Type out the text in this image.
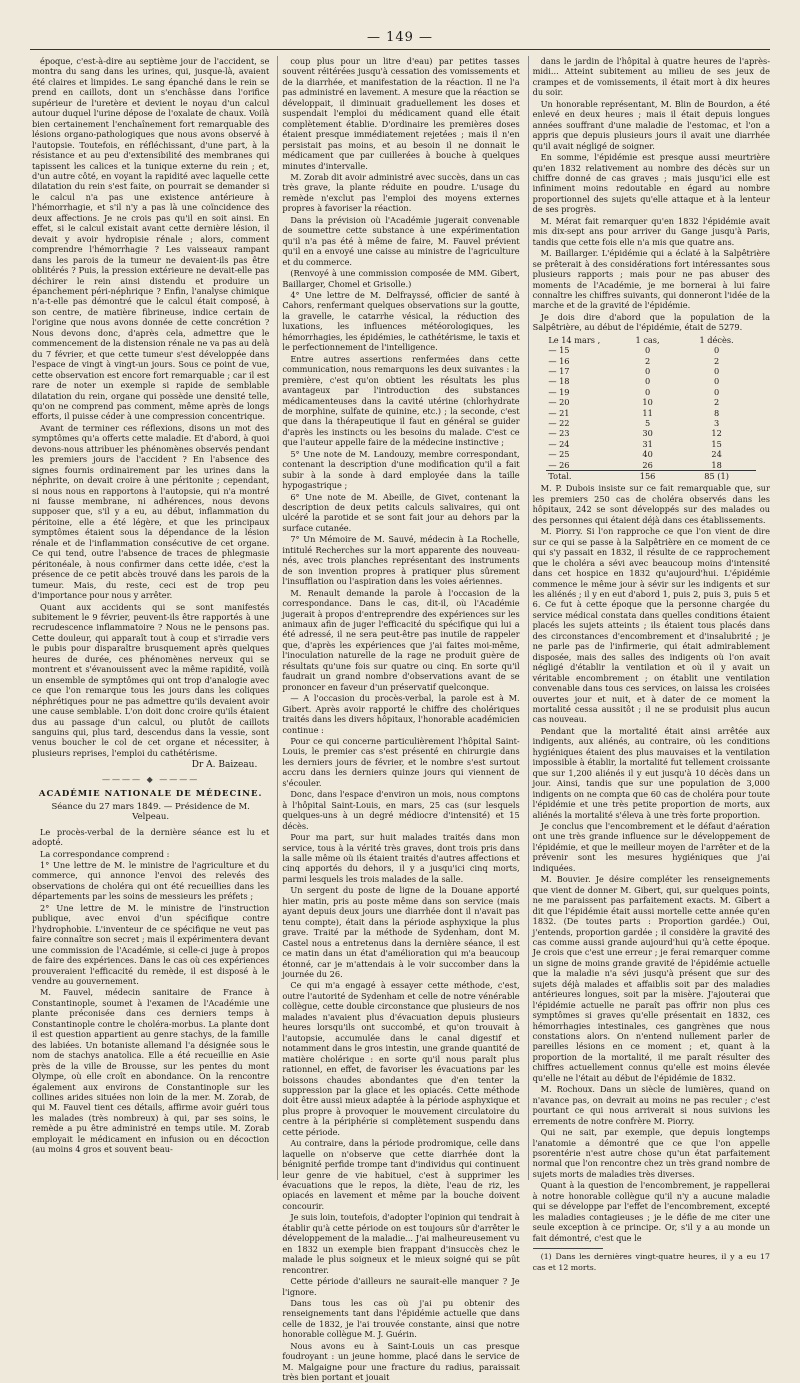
— 149 —

époque, c'est-à-dire au septième jour de l'accident, se montra du sang dans les urines, qui, jusque-là, avaient été claires et limpides. Le sang épanché dans le rein se prend en caillots, dont un s'enchâsse dans l'orifice supérieur de l'uretère et devient le noyau d'un calcul autour duquel l'urine dépose de l'oxalate de chaux. Voilà bien certainement l'enchaînement fort remarquable des lésions organo-pathologiques que nous avons observé à l'autopsie. Toutefois, en réfléchissant, d'une part, à la résistance et au peu d'extensibilité des membranes qui tapissent les calices et la tunique externe du rein ; et, d'un autre côté, en voyant la rapidité avec laquelle cette dilatation du rein s'est faite, on pourrait se demander si le calcul n'a pas une existence antérieure à l'hémorrhagie, et s'il n'y a pas là une coïncidence des deux affections. Je ne crois pas qu'il en soit ainsi. En effet, si le calcul existait avant cette dernière lésion, il devait y avoir hydropisie rénale ; alors, comment comprendre l'hémorrhagie ? Les vaisseaux rampant dans les parois de la tumeur ne devaient-ils pas être oblitérés ? Puis, la pression extérieure ne devait-elle pas déchirer le rein ainsi distendu et produire un épanchement péri-néphrique ? Enfin, l'analyse chimique n'a-t-elle pas démontré que le calcul était composé, à son centre, de matière fibrineuse, indice certain de l'origine que nous avons donnée de cette concrétion ? Nous devons donc, d'après cela, admettre que le commencement de la distension rénale ne va pas au delà du 7 février, et que cette tumeur s'est développée dans l'espace de vingt à vingt-un jours. Sous ce point de vue, cette observation est encore fort remarquable ; car il est rare de noter un exemple si rapide de semblable dilatation du rein, organe qui possède une densité telle, qu'on ne comprend pas comment, même après de longs efforts, il puisse céder à une compression concentrique.

Avant de terminer ces réflexions, disons un mot des symptômes qu'a offerts cette maladie. Et d'abord, à quoi devons-nous attribuer les phénomènes observés pendant les premiers jours de l'accident ? En l'absence des signes fournis ordinairement par les urines dans la néphrite, on devait croire à une péritonite ; cependant, si nous nous en rapportons à l'autopsie, qui n'a montré ni fausse membrane, ni adhérences, nous devons supposer que, s'il y a eu, au début, inflammation du péritoine, elle a été légère, et que les principaux symptômes étaient sous la dépendance de la lésion rénale et de l'inflammation consécutive de cet organe. Ce qui tend, outre l'absence de traces de phlegmasie péritonéale, à nous confirmer dans cette idée, c'est la présence de ce petit abcès trouvé dans les parois de la tumeur. Mais, du reste, ceci est de trop peu d'importance pour nous y arrêter.

Quant aux accidents qui se sont manifestés subitement le 9 février, peuvent-ils être rapportés à une recrudescence inflammatoire ? Nous ne le pensons pas. Cette douleur, qui apparaît tout à coup et s'irradie vers le pubis pour disparaître brusquement après quelques heures de durée, ces phénomènes nerveux qui se montrent et s'évanouissent avec la même rapidité, voilà un ensemble de symptômes qui ont trop d'analogie avec ce que l'on remarque tous les jours dans les coliques néphrétiques pour ne pas admettre qu'ils devaient avoir une cause semblable. L'on doit donc croire qu'ils étaient dus au passage d'un calcul, ou plutôt de caillots sanguins qui, plus tard, descendus dans la vessie, sont venus boucher le col de cet organe et nécessiter, à plusieurs reprises, l'emploi du cathétérisme.

Dr A. Baizeau.
———— ◆ ————
ACADÉMIE NATIONALE DE MÉDECINE.
Séance du 27 mars 1849. — Présidence de M. Velpeau.

Le procès-verbal de la dernière séance est lu et adopté.

La correspondance comprend :

1° Une lettre de M. le ministre de l'agriculture et du commerce, qui annonce l'envoi des relevés des observations de choléra qui ont été recueillies dans les départements par les soins de messieurs les préfets ;

2° Une lettre de M. le ministre de l'instruction publique, avec envoi d'un spécifique contre l'hydrophobie. L'inventeur de ce spécifique ne veut pas faire connaître son secret ; mais il expérimentera devant une commission de l'Académie, si celle-ci juge à propos de faire des expériences. Dans le cas où ces expériences prouveraient l'efficacité du remède, il est disposé à le vendre au gouvernement.

M. Fauvel, médecin sanitaire de France à Constantinople, soumet à l'examen de l'Académie une plante préconisée dans ces derniers temps à Constantinople contre le choléra-morbus. La plante dont il est question appartient au genre stachys, de la famille des labiées. Un botaniste allemand l'a désignée sous le nom de stachys anatolica. Elle a été recueillie en Asie près de la ville de Brousse, sur les pentes du mont Olympe, où elle croît en abondance. On la rencontre également aux environs de Constantinople sur les collines arides situées non loin de la mer. M. Zorab, de qui M. Fauvel tient ces détails, affirme avoir guéri tous les malades (très nombreux) à qui, par ses soins, le remède a pu être administré en temps utile. M. Zorab employait le médicament en infusion ou en décoction (au moins 4 gros et souvent beau-

coup plus pour un litre d'eau) par petites tasses souvent réitérées jusqu'à cessation des vomissements et de la diarrhée, et manifestation de la réaction. Il ne l'a pas administré en lavement. A mesure que la réaction se développait, il diminuait graduellement les doses et suspendait l'emploi du médicament quand elle était complètement établie. D'ordinaire les premières doses étaient presque immédiatement rejetées ; mais il n'en persistait pas moins, et au besoin il ne donnait le médicament que par cuillerées à bouche à quelques minutes d'intervalle.

M. Zorab dit avoir administré avec succès, dans un cas très grave, la plante réduite en poudre. L'usage du remède n'exclut pas l'emploi des moyens externes propres à favoriser la réaction.

Dans la prévision où l'Académie jugerait convenable de soumettre cette substance à une expérimentation qu'il n'a pas été à même de faire, M. Fauvel prévient qu'il en a envoyé une caisse au ministre de l'agriculture et du commerce.

(Renvoyé à une commission composée de MM. Gibert, Baillarger, Chomel et Grisolle.)

4° Une lettre de M. Delfrayssé, officier de santé à Cahors, renfermant quelques observations sur la goutte, la gravelle, le catarrhe vésical, la réduction des luxations, les influences météorologiques, les hémorrhagies, les épidémies, le cathétérisme, le taxis et le perfectionnement de l'intelligence.

Entre autres assertions renfermées dans cette communication, nous remarquons les deux suivantes : la première, c'est qu'on obtient les résultats les plus avantageux par l'introduction des substances médicamenteuses dans la cavité utérine (chlorhydrate de morphine, sulfate de quinine, etc.) ; la seconde, c'est que dans la thérapeutique il faut en général se guider d'après les instincts ou les besoins du malade. C'est ce que l'auteur appelle faire de la médecine instinctive ;

5° Une note de M. Landouzy, membre correspondant, contenant la description d'une modification qu'il a fait subir à la sonde à dard employée dans la taille hypogastrique ;

6° Une note de M. Abeille, de Givet, contenant la description de deux petits calculs salivaires, qui ont ulcéré la parotide et se sont fait jour au dehors par la surface cutanée.

7° Un Mémoire de M. Sauvé, médecin à La Rochelle, intitulé Recherches sur la mort apparente des nouveau-nés, avec trois planches représentant des instruments de son invention propres à pratiquer plus sûrement l'insufflation ou l'aspiration dans les voies aériennes.

M. Renault demande la parole à l'occasion de la correspondance. Dans le cas, dit-il, où l'Académie jugerait à propos d'entreprendre des expériences sur les animaux afin de juger l'efficacité du spécifique qui lui a été adressé, il ne sera peut-être pas inutile de rappeler que, d'après les expériences que j'ai faites moi-même, l'inoculation naturelle de la rage ne produit guère de résultats qu'une fois sur quatre ou cinq. En sorte qu'il faudrait un grand nombre d'observations avant de se prononcer en faveur d'un préservatif quelconque.

— A l'occasion du procès-verbal, la parole est à M. Gibert. Après avoir rapporté le chiffre des cholériques traités dans les divers hôpitaux, l'honorable académicien continue :

Pour ce qui concerne particulièrement l'hôpital Saint-Louis, le premier cas s'est présenté en chirurgie dans les derniers jours de février, et le nombre s'est surtout accru dans les derniers quinze jours qui viennent de s'écouler.

Donc, dans l'espace d'environ un mois, nous comptons à l'hôpital Saint-Louis, en mars, 25 cas (sur lesquels quelques-uns à un degré médiocre d'intensité) et 15 décès.

Pour ma part, sur huit malades traités dans mon service, tous à la vérité très graves, dont trois pris dans la salle même où ils étaient traités d'autres affections et cinq apportés du dehors, il y a jusqu'ici cinq morts, parmi lesquels les trois malades de la salle.

Un sergent du poste de ligne de la Douane apporté hier matin, pris au poste même dans son service (mais ayant depuis deux jours une diarrhée dont il n'avait pas tenu compte), était dans la période asphyxique la plus grave. Traité par la méthode de Sydenham, dont M. Castel nous a entretenus dans la dernière séance, il est ce matin dans un état d'amélioration qui m'a beaucoup étonné, car je m'attendais à le voir succomber dans la journée du 26.

Ce qui m'a engagé à essayer cette méthode, c'est, outre l'autorité de Sydenham et celle de notre vénérable collègue, cette double circonstance que plusieurs de nos malades n'avaient plus d'évacuation depuis plusieurs heures lorsqu'ils ont succombé, et qu'on trouvait à l'autopsie, accumulée dans le canal digestif et notamment dans le gros intestin, une grande quantité de matière cholérique : en sorte qu'il nous paraît plus rationnel, en effet, de favoriser les évacuations par les boissons chaudes abondantes que d'en tenter la suppression par la glace et les opiacés. Cette méthode doit être aussi mieux adaptée à la période asphyxique et plus propre à provoquer le mouvement circulatoire du centre à la périphérie si complètement suspendu dans cette période.

Au contraire, dans la période prodromique, celle dans laquelle on n'observe que cette diarrhée dont la bénignité perfide trompe tant d'individus qui continuent leur genre de vie habituel, c'est à supprimer les évacuations que le repos, la diète, l'eau de riz, les opiacés en lavement et même par la bouche doivent concourir.

Je suis loin, toutefois, d'adopter l'opinion qui tendrait à établir qu'à cette période on est toujours sûr d'arrêter le développement de la maladie... J'ai malheureusement vu en 1832 un exemple bien frappant d'insuccès chez le malade le plus soigneux et le mieux soigné qui se pût rencontrer.

Cette période d'ailleurs ne saurait-elle manquer ? Je l'ignore.

Dans tous les cas où j'ai pu obtenir des renseignements tant dans l'épidémie actuelle que dans celle de 1832, je l'ai trouvée constante, ainsi que notre honorable collègue M. J. Guérin.

Nous avons eu à Saint-Louis un cas presque foudroyant : un jeune homme, placé dans le service de M. Malgaigne pour une fracture du radius, paraissait très bien portant et jouait

dans le jardin de l'hôpital à quatre heures de l'après-midi... Atteint subitement au milieu de ses jeux de crampes et de vomissements, il était mort à dix heures du soir.

Un honorable représentant, M. Blin de Bourdon, a été enlevé en deux heures ; mais il était depuis longues années souffrant d'une maladie de l'estomac, et l'on a appris que depuis plusieurs jours il avait une diarrhée qu'il avait négligé de soigner.

En somme, l'épidémie est presque aussi meurtrière qu'en 1832 relativement au nombre des décès sur un chiffre donné de cas graves ; mais jusqu'ici elle est infiniment moins redoutable en égard au nombre proportionnel des sujets qu'elle attaque et à la lenteur de ses progrès.

M. Mérat fait remarquer qu'en 1832 l'épidémie avait mis dix-sept ans pour arriver du Gange jusqu'à Paris, tandis que cette fois elle n'a mis que quatre ans.

M. Baillarger. L'épidémie qui a éclaté à la Salpêtrière se prêterait à des considérations fort intéressantes sous plusieurs rapports ; mais pour ne pas abuser des moments de l'Académie, je me bornerai à lui faire connaître les chiffres suivants, qui donneront l'idée de la marche et de la gravité de l'épidémie.

Je dois dire d'abord que la population de la Salpêtrière, au début de l'épidémie, était de 5279.

Le 14 mars ,	1 cas,	1 décès.
— 15	0	0
— 16	2	2
— 17	0	0
— 18	0	0
— 19	0	0
— 20	10	2
— 21	11	8
— 22	5	3
— 23	30	12
— 24	31	15
— 25	40	24
— 26	26	18
Total.	156	85 (1)

M. P. Dubois insiste sur ce fait remarquable que, sur les premiers 250 cas de choléra observés dans les hôpitaux, 242 se sont développés sur des malades ou des personnes qui étaient déjà dans ces établissements.

M. Piorry. Si l'on rapproche ce que l'on vient de dire sur ce qui se passe à la Salpêtrière en ce moment de ce qui s'y passait en 1832, il résulte de ce rapprochement que le choléra a sévi avec beaucoup moins d'intensité dans cet hospice en 1832 qu'aujourd'hui. L'épidémie commence le même jour à sévir sur les indigents et sur les aliénés ; il y en eut d'abord 1, puis 2, puis 3, puis 5 et 6. Ce fut à cette époque que la personne chargée du service médical constata dans quelles conditions étaient placés les sujets atteints ; ils étaient tous placés dans des circonstances d'encombrement et d'insalubrité ; je ne parle pas de l'infirmerie, qui était admirablement disposée, mais des salles des indigents où l'on avait négligé d'établir la ventilation et où il y avait un véritable encombrement ; on établit une ventilation convenable dans tous ces services, on laissa les croisées ouvertes jour et nuit, et à dater de ce moment la mortalité cessa aussitôt ; il ne se produisit plus aucun cas nouveau.

Pendant que la mortalité était ainsi arrêtée aux indigents, aux aliénés, au contraire, où les conditions hygiéniques étaient des plus mauvaises et la ventilation impossible à établir, la mortalité fut tellement croissante que sur 1,200 aliénés il y eut jusqu'à 10 décès dans un jour. Ainsi, tandis que sur une population de 3,000 indigents on ne compta que 60 cas de choléra pour toute l'épidémie et une très petite proportion de morts, aux aliénés la mortalité s'éleva à une très forte proportion.

Je conclus que l'encombrement et le défaut d'aération ont une très grande influence sur le développement de l'épidémie, et que le meilleur moyen de l'arrêter et de la prévenir sont les mesures hygiéniques que j'ai indiquées.

M. Bouvier. Je désire compléter les renseignements que vient de donner M. Gibert, qui, sur quelques points, ne me paraissent pas parfaitement exacts. M. Gibert a dit que l'épidémie était aussi mortelle cette année qu'en 1832. (De toutes parts : Proportion gardée.) Oui, j'entends, proportion gardée ; il considère la gravité des cas comme aussi grande aujourd'hui qu'à cette époque. Je crois que c'est une erreur ; je ferai remarquer comme un signe de moins grande gravité de l'épidémie actuelle que la maladie n'a sévi jusqu'à présent que sur des sujets déjà malades et affaiblis soit par des maladies antérieures longues, soit par la misère. J'ajouterai que l'épidémie actuelle ne paraît pas offrir non plus ces symptômes si graves qu'elle présentait en 1832, ces hémorrhagies intestinales, ces gangrènes que nous constations alors. On n'entend nullement parler de pareilles lésions en ce moment ; et, quant à la proportion de la mortalité, il me paraît résulter des chiffres actuellement connus qu'elle est moins élevée qu'elle ne l'était au début de l'épidémie de 1832.

M. Rochoux. Dans un siècle de lumières, quand on n'avance pas, on devrait au moins ne pas reculer ; c'est pourtant ce qui nous arriverait si nous suivions les errements de notre confrère M. Piorry.

Qui ne sait, par exemple, que depuis longtemps l'anatomie a démontré que ce que l'on appelle psorentérie n'est autre chose qu'un état parfaitement normal que l'on rencontre chez un très grand nombre de sujets morts de maladies très diverses.

Quant à la question de l'encombrement, je rappellerai à notre honorable collègue qu'il n'y a aucune maladie qui se développe par l'effet de l'encombrement, excepté les maladies contagieuses ; je le défie de me citer une seule exception à ce principe. Or, s'il y a au monde un fait démontré, c'est que le

(1) Dans les dernières vingt-quatre heures, il y a eu 17 cas et 12 morts.
